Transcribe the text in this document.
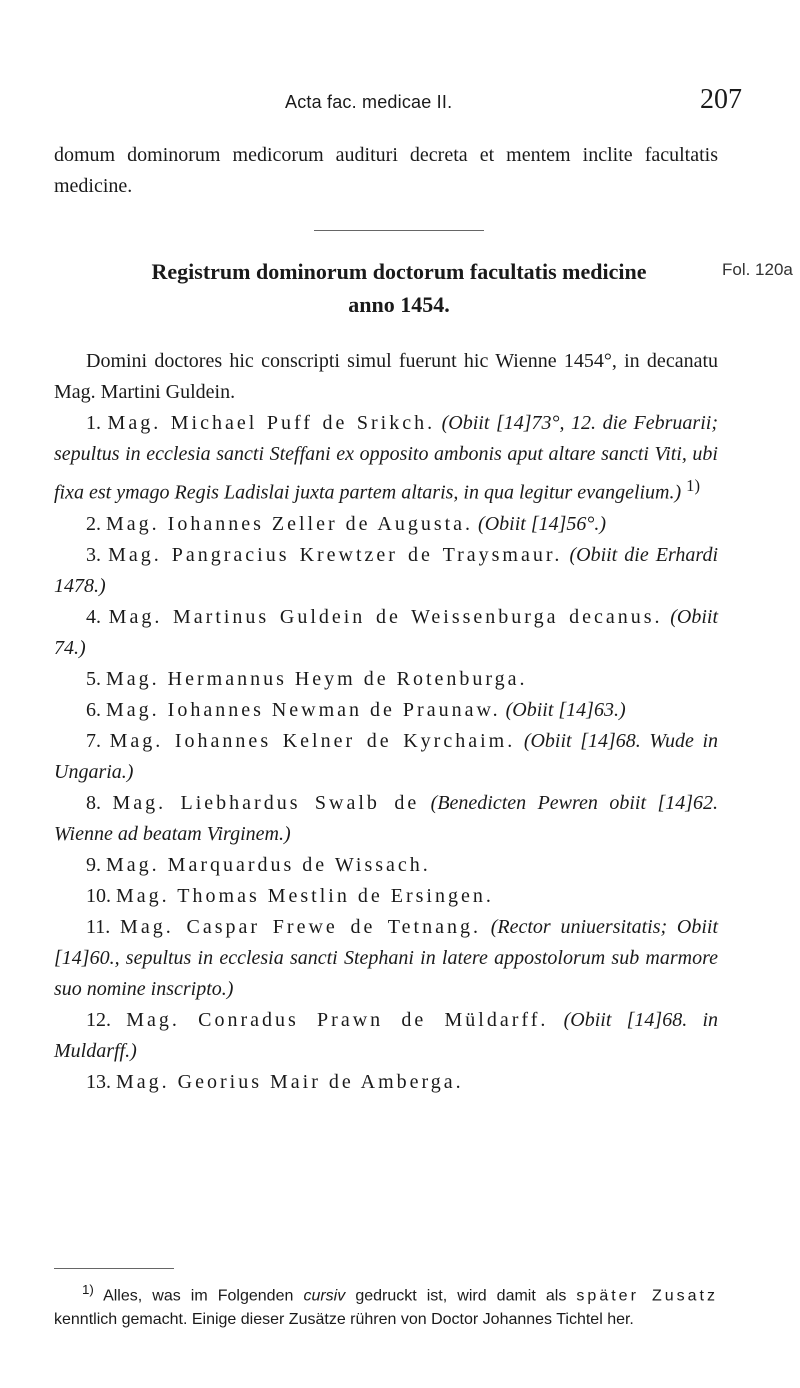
Acta fac. medicae II.	207

domum dominorum medicorum audituri decreta et mentem inclite facultatis medicine.

Registrum dominorum doctorum facultatis medicine
anno 1454.
Fol. 120a

Domini doctores hic conscripti simul fuerunt hic Wienne 1454°, in decanatu Mag. Martini Guldein.

1. Mag. Michael Puff de Srikch. (Obiit [14]73°, 12. die Februarii; sepultus in ecclesia sancti Steffani ex opposito ambonis aput altare sancti Viti, ubi fixa est ymago Regis Ladislai juxta partem altaris, in qua legitur evangelium.) $^{1)}$

2. Mag. Iohannes Zeller de Augusta. (Obiit [14]56°.)

3. Mag. Pangracius Krewtzer de Traysmaur. (Obiit die Erhardi 1478.)

4. Mag. Martinus Guldein de Weissenburga decanus. (Obiit 74.)

5. Mag. Hermannus Heym de Rotenburga.

6. Mag. Iohannes Newman de Praunaw. (Obiit [14]63.)

7. Mag. Iohannes Kelner de Kyrchaim. (Obiit [14]68. Wude in Ungaria.)

8. Mag. Liebhardus Swalb de (Benedicten Pewren obiit [14]62. Wienne ad beatam Virginem.)

9. Mag. Marquardus de Wissach.

10. Mag. Thomas Mestlin de Ersingen.

11. Mag. Caspar Frewe de Tetnang. (Rector uniuersitatis; Obiit [14]60., sepultus in ecclesia sancti Stephani in latere appostolorum sub marmore suo nomine inscripto.)

12. Mag. Conradus Prawn de Müldarff. (Obiit [14]68. in Muldarff.)

13. Mag. Georius Mair de Amberga.

$^{1)}$ Alles, was im Folgenden cursiv gedruckt ist, wird damit als später Zusatz kenntlich gemacht. Einige dieser Zusätze rühren von Doctor Johannes Tichtel her.
